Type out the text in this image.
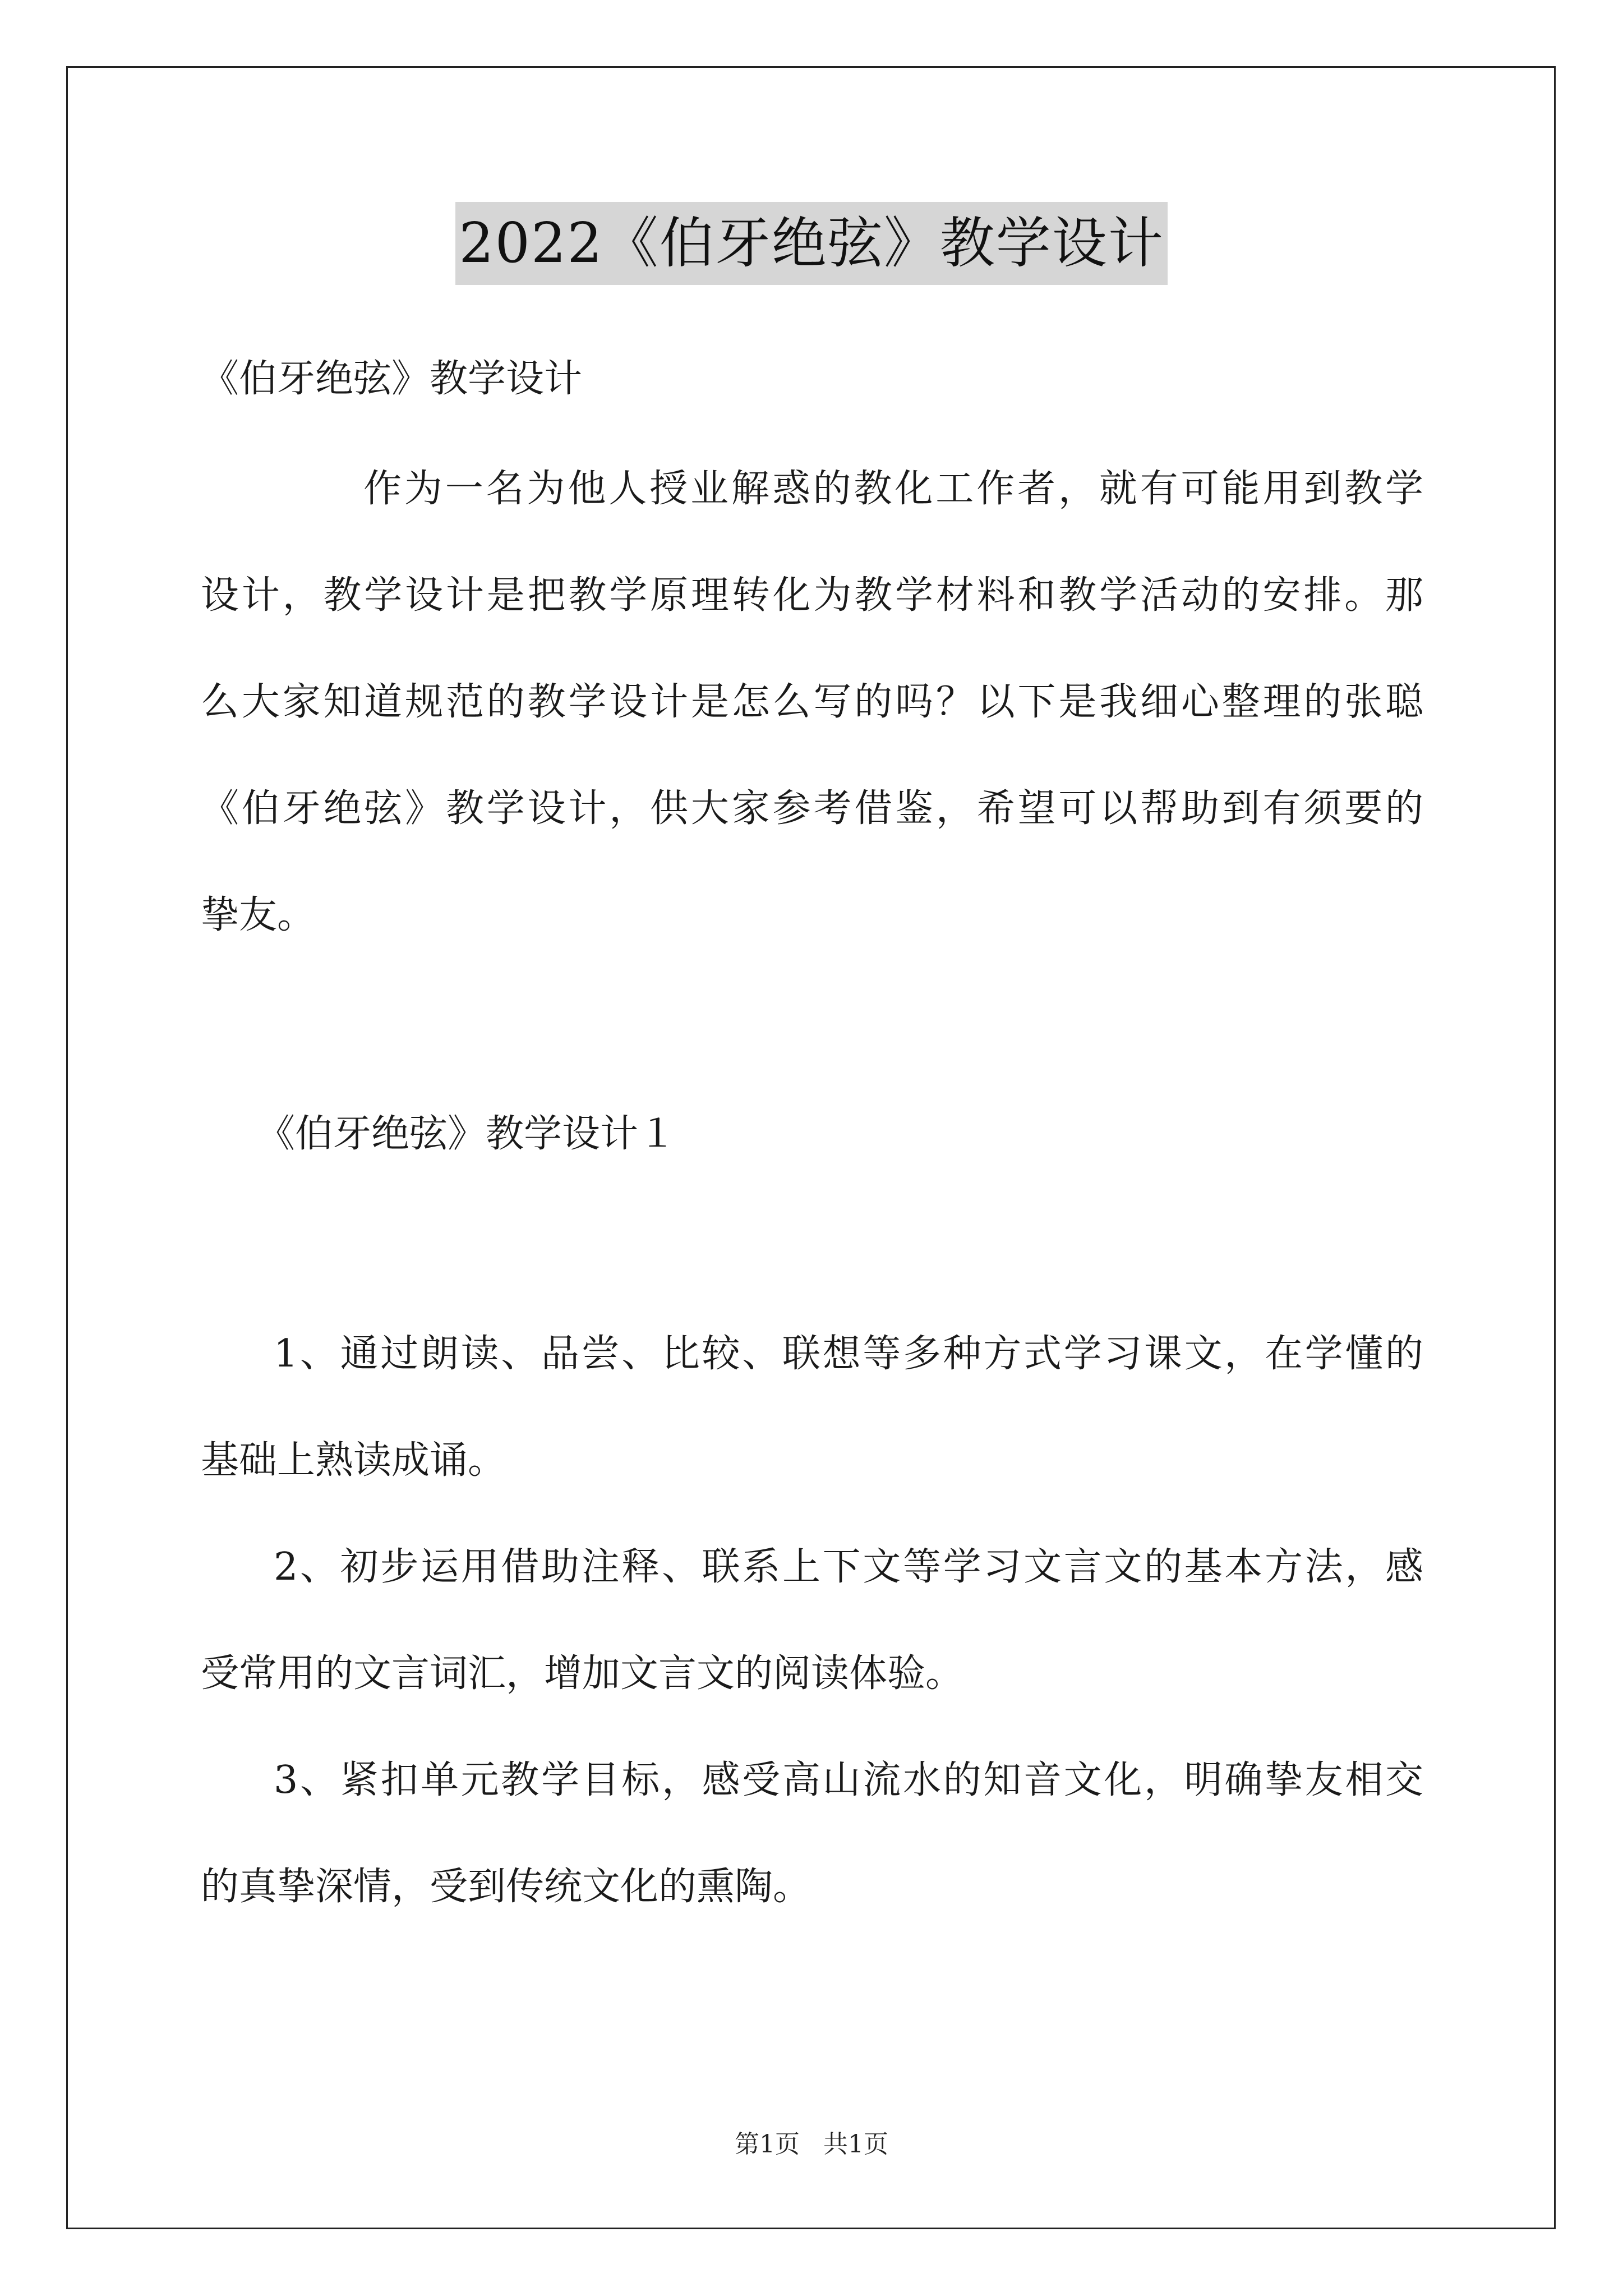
2022《伯牙绝弦》教学设计
《伯牙绝弦》教学设计
作为一名为他人授业解惑的教化工作者，就有可能用到教学
设计，教学设计是把教学原理转化为教学材料和教学活动的安排。那
么大家知道规范的教学设计是怎么写的吗？以下是我细心整理的张聪
《伯牙绝弦》教学设计，供大家参考借鉴，希望可以帮助到有须要的
挚友。
《伯牙绝弦》教学设计１
1、通过朗读、品尝、比较、联想等多种方式学习课文，在学懂的
基础上熟读成诵。
2、初步运用借助注释、联系上下文等学习文言文的基本方法，感
受常用的文言词汇，增加文言文的阅读体验。
3、紧扣单元教学目标，感受高山流水的知音文化，明确挚友相交
的真挚深情，受到传统文化的熏陶。
第1页 共1页
